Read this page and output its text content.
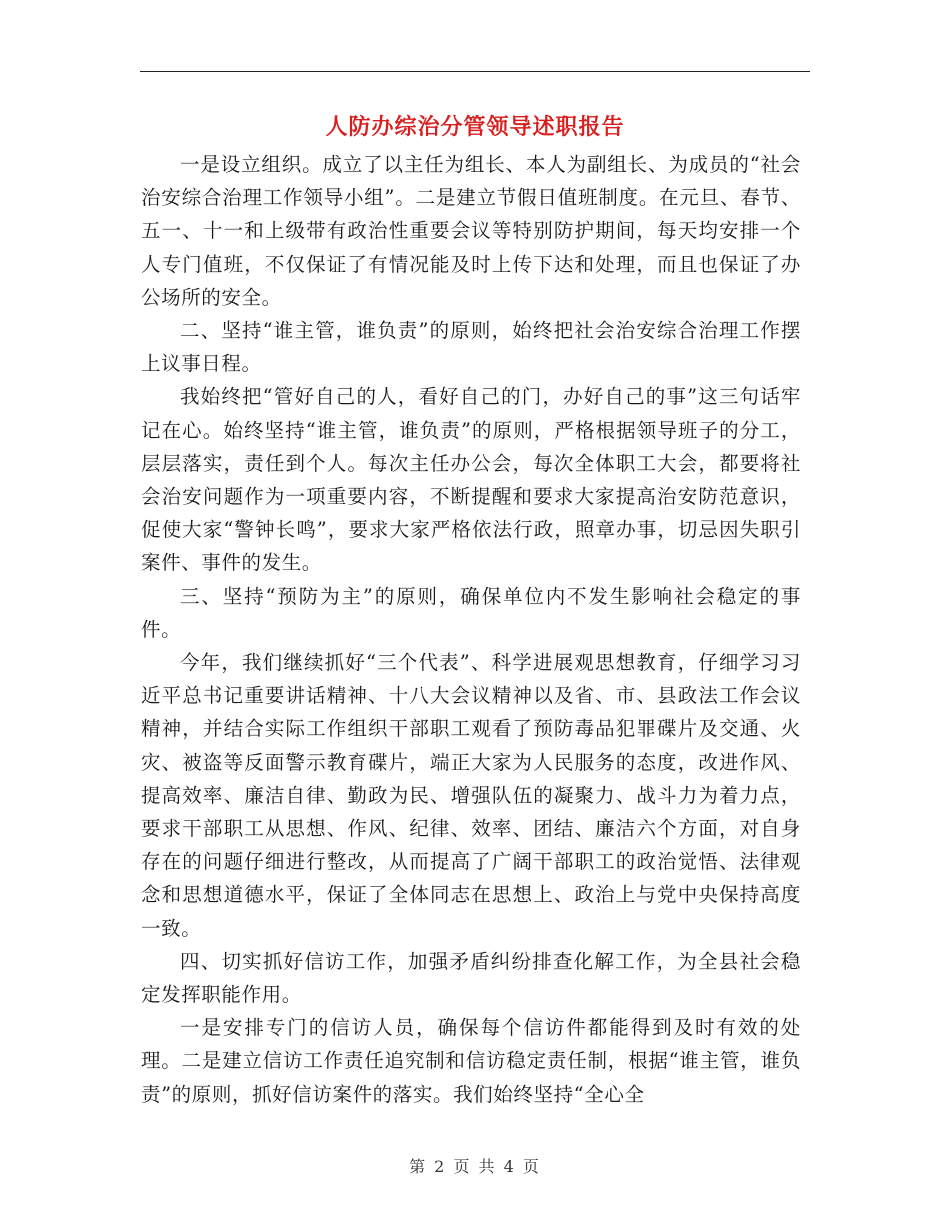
人防办综治分管领导述职报告

一是设立组织。成立了以主任为组长、本人为副组长、为成员的“社会治安综合治理工作领导小组”。二是建立节假日值班制度。在元旦、春节、五一、十一和上级带有政治性重要会议等特别防护期间，每天均安排一个人专门值班，不仅保证了有情况能及时上传下达和处理，而且也保证了办公场所的安全。

二、坚持“谁主管，谁负责”的原则，始终把社会治安综合治理工作摆上议事日程。

我始终把“管好自己的人，看好自己的门，办好自己的事”这三句话牢记在心。始终坚持“谁主管，谁负责”的原则，严格根据领导班子的分工，层层落实，责任到个人。每次主任办公会，每次全体职工大会，都要将社会治安问题作为一项重要内容，不断提醒和要求大家提高治安防范意识，促使大家“警钟长鸣”，要求大家严格依法行政，照章办事，切忌因失职引案件、事件的发生。

三、坚持“预防为主”的原则，确保单位内不发生影响社会稳定的事件。

今年，我们继续抓好“三个代表”、科学进展观思想教育，仔细学习习近平总书记重要讲话精神、十八大会议精神以及省、市、县政法工作会议精神，并结合实际工作组织干部职工观看了预防毒品犯罪碟片及交通、火灾、被盗等反面警示教育碟片，端正大家为人民服务的态度，改进作风、提高效率、廉洁自律、勤政为民、增强队伍的凝聚力、战斗力为着力点，要求干部职工从思想、作风、纪律、效率、团结、廉洁六个方面，对自身存在的问题仔细进行整改，从而提高了广阔干部职工的政治觉悟、法律观念和思想道德水平，保证了全体同志在思想上、政治上与党中央保持高度一致。

四、切实抓好信访工作，加强矛盾纠纷排查化解工作，为全县社会稳定发挥职能作用。

一是安排专门的信访人员，确保每个信访件都能得到及时有效的处理。二是建立信访工作责任追究制和信访稳定责任制，根据“谁主管，谁负责”的原则，抓好信访案件的落实。我们始终坚持“全心全

第 2 页 共 4 页
